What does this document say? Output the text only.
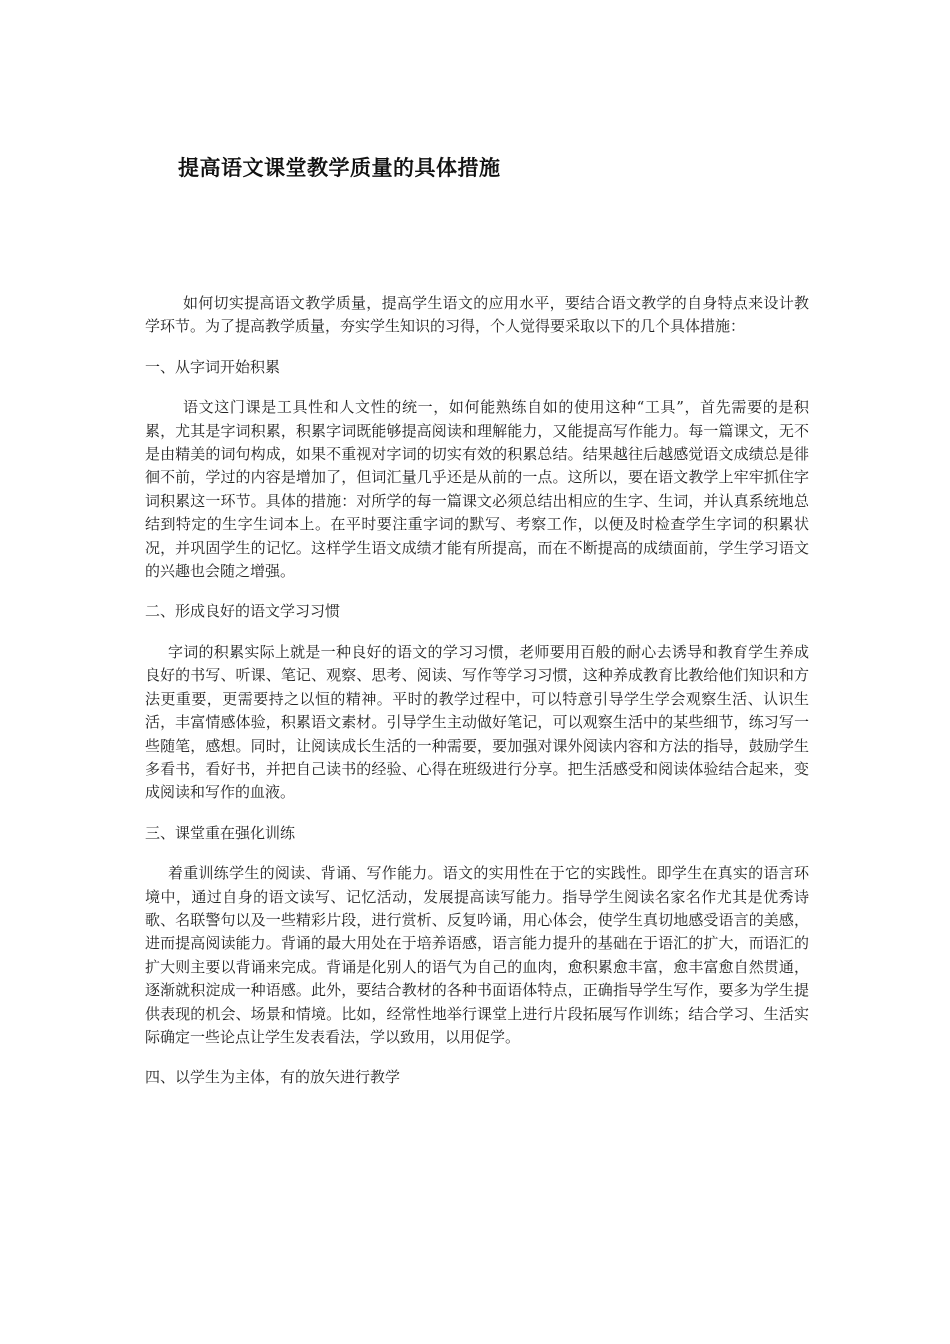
提高语文课堂教学质量的具体措施

如何切实提高语文教学质量，提高学生语文的应用水平，要结合语文教学的自身特点来设计教学环节。为了提高教学质量，夯实学生知识的习得，个人觉得要采取以下的几个具体措施：

一、从字词开始积累

语文这门课是工具性和人文性的统一，如何能熟练自如的使用这种“工具”，首先需要的是积累，尤其是字词积累，积累字词既能够提高阅读和理解能力，又能提高写作能力。每一篇课文，无不是由精美的词句构成，如果不重视对字词的切实有效的积累总结。结果越往后越感觉语文成绩总是徘徊不前，学过的内容是增加了，但词汇量几乎还是从前的一点。这所以，要在语文教学上牢牢抓住字词积累这一环节。具体的措施：对所学的每一篇课文必须总结出相应的生字、生词，并认真系统地总结到特定的生字生词本上。在平时要注重字词的默写、考察工作，以便及时检查学生字词的积累状况，并巩固学生的记忆。这样学生语文成绩才能有所提高，而在不断提高的成绩面前，学生学习语文的兴趣也会随之增强。

二、形成良好的语文学习习惯

字词的积累实际上就是一种良好的语文的学习习惯，老师要用百般的耐心去诱导和教育学生养成良好的书写、听课、笔记、观察、思考、阅读、写作等学习习惯，这种养成教育比教给他们知识和方法更重要，更需要持之以恒的精神。平时的教学过程中，可以特意引导学生学会观察生活、认识生活，丰富情感体验，积累语文素材。引导学生主动做好笔记，可以观察生活中的某些细节，练习写一些随笔，感想。同时，让阅读成长生活的一种需要，要加强对课外阅读内容和方法的指导，鼓励学生多看书，看好书，并把自己读书的经验、心得在班级进行分享。把生活感受和阅读体验结合起来，变成阅读和写作的血液。

三、课堂重在强化训练

着重训练学生的阅读、背诵、写作能力。语文的实用性在于它的实践性。即学生在真实的语言环境中，通过自身的语文读写、记忆活动，发展提高读写能力。指导学生阅读名家名作尤其是优秀诗歌、名联警句以及一些精彩片段，进行赏析、反复吟诵，用心体会，使学生真切地感受语言的美感，进而提高阅读能力。背诵的最大用处在于培养语感，语言能力提升的基础在于语汇的扩大，而语汇的扩大则主要以背诵来完成。背诵是化别人的语气为自己的血肉，愈积累愈丰富，愈丰富愈自然贯通，逐渐就积淀成一种语感。此外，要结合教材的各种书面语体特点，正确指导学生写作，要多为学生提供表现的机会、场景和情境。比如，经常性地举行课堂上进行片段拓展写作训练；结合学习、生活实际确定一些论点让学生发表看法，学以致用，以用促学。

四、以学生为主体，有的放矢进行教学
